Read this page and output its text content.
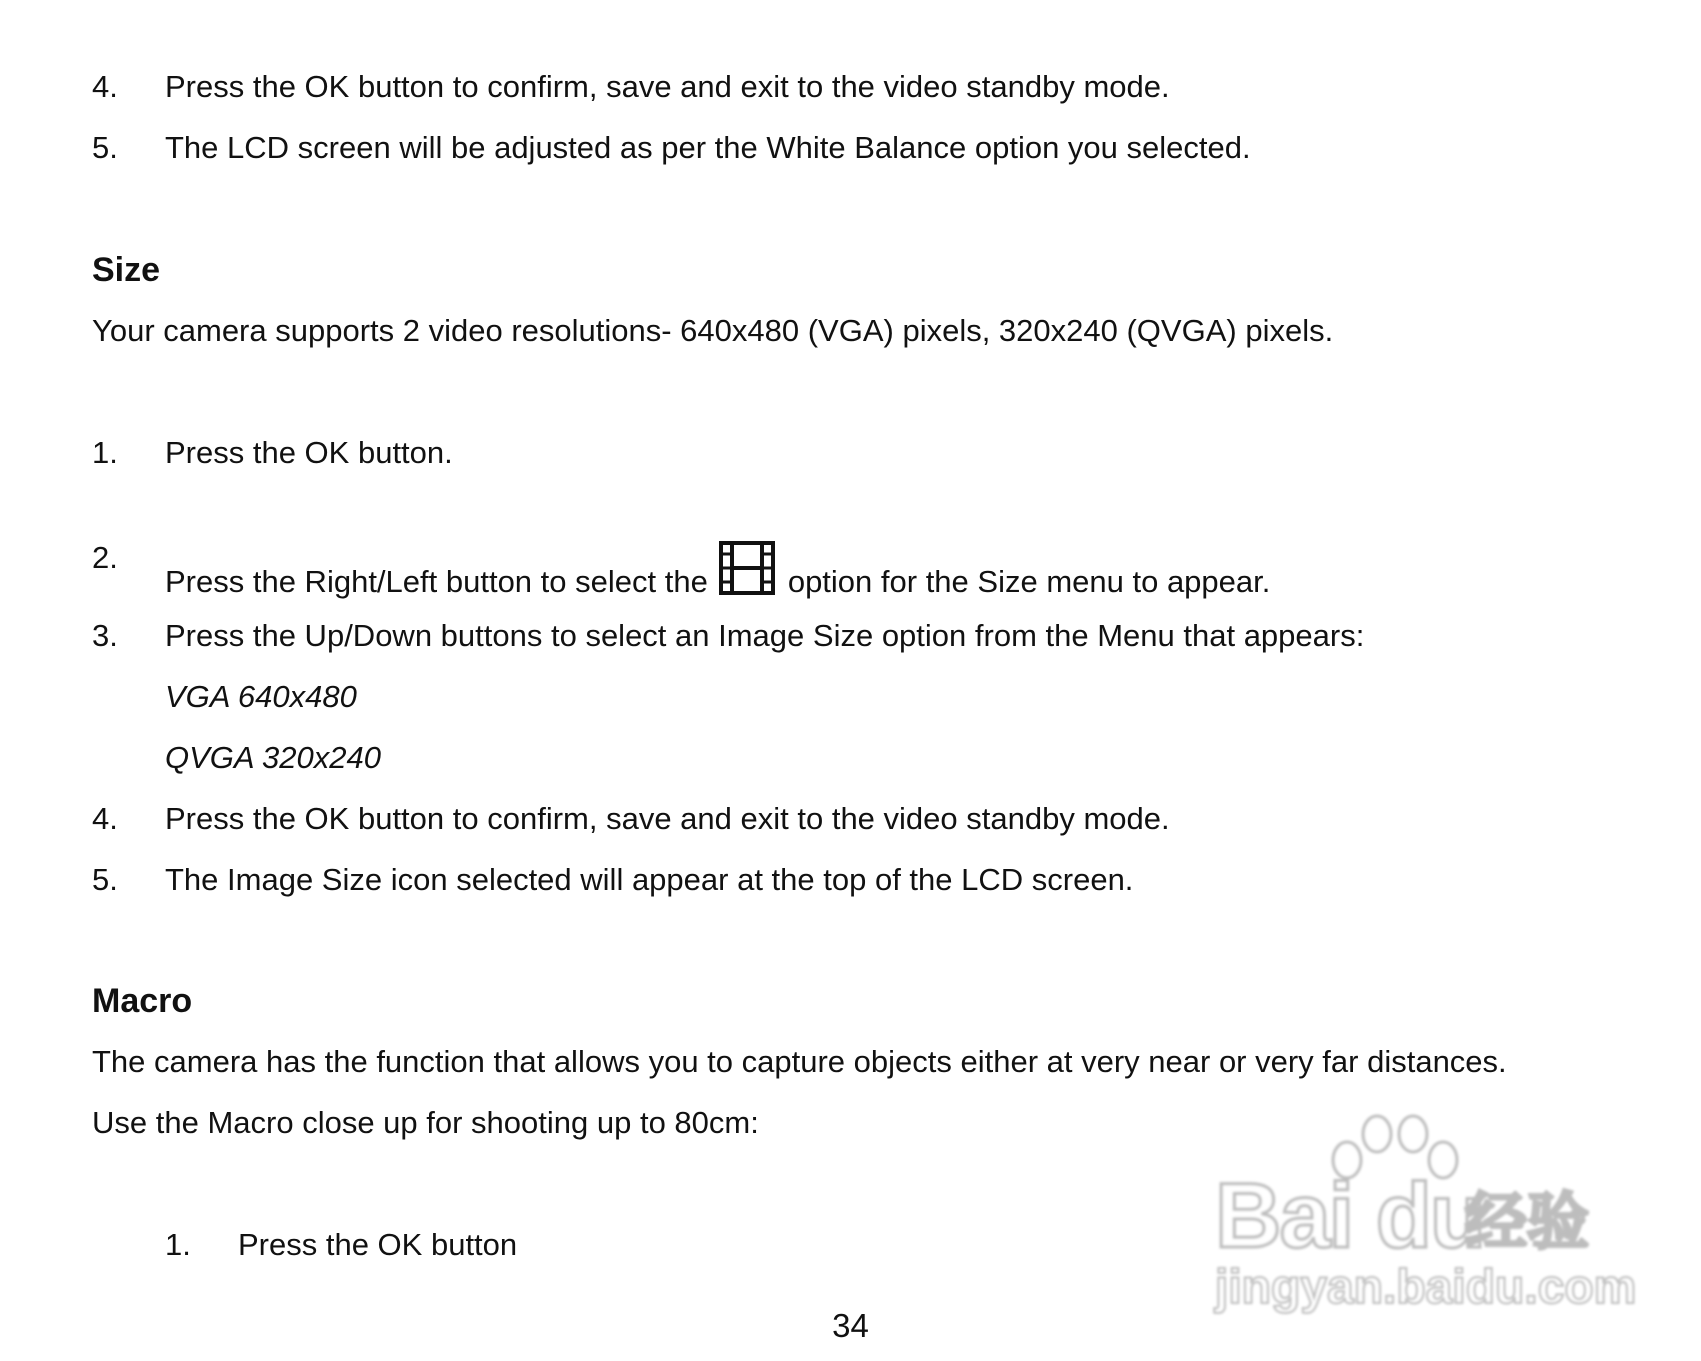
4. Press the OK button to confirm, save and exit to the video standby mode.
5. The LCD screen will be adjusted as per the White Balance option you selected.
Size
Your camera supports 2 video resolutions- 640x480 (VGA) pixels, 320x240 (QVGA) pixels.
1. Press the OK button.
2.
Press the Right/Left button to select the	option for the Size menu to appear.
3. Press the Up/Down buttons to select an Image Size option from the Menu that appears:
VGA 640x480
QVGA 320x240
4. Press the OK button to confirm, save and exit to the video standby mode.
5. The Image Size icon selected will appear at the top of the LCD screen.
Macro
The camera has the function that allows you to capture objects either at very near or very far distances.
Use the Macro close up for shooting up to 80cm:
1. Press the OK button	Bai du
经验
jingyan.baidu.com
34
